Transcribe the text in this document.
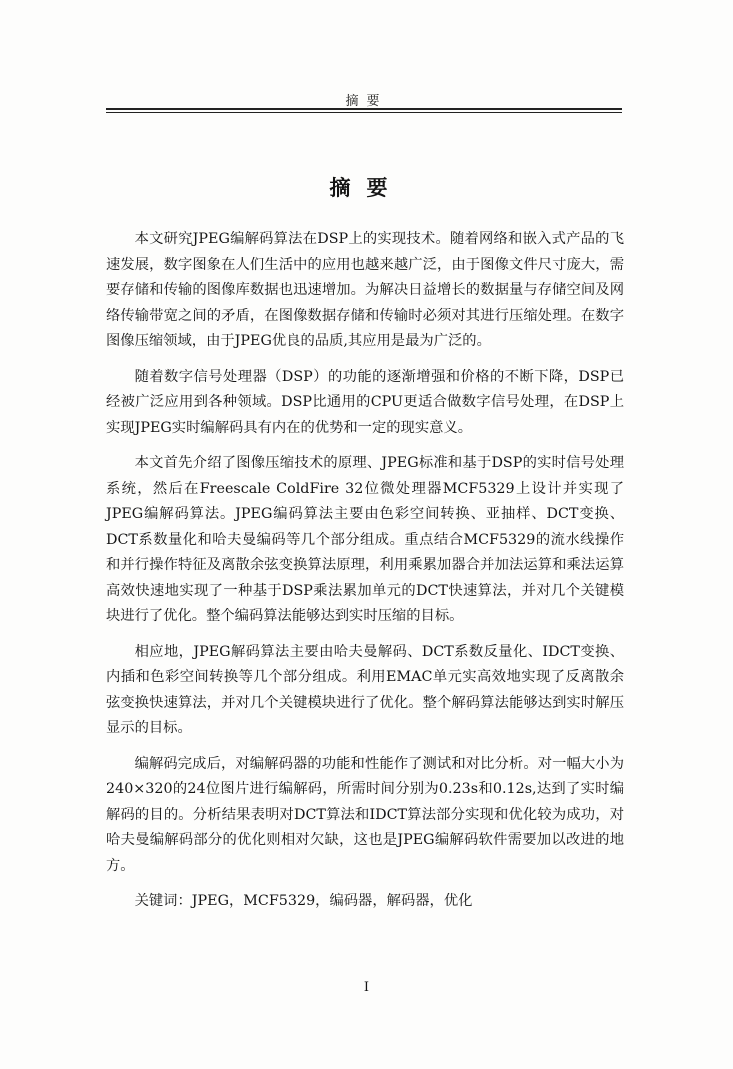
摘要
摘要

本文研究JPEG编解码算法在DSP上的实现技术。随着网络和嵌入式产品的飞速发展，数字图象在人们生活中的应用也越来越广泛，由于图像文件尺寸庞大，需要存储和传输的图像库数据也迅速增加。为解决日益增长的数据量与存储空间及网络传输带宽之间的矛盾，在图像数据存储和传输时必须对其进行压缩处理。在数字图像压缩领域，由于JPEG优良的品质,其应用是最为广泛的。

随着数字信号处理器（DSP）的功能的逐渐增强和价格的不断下降，DSP已经被广泛应用到各种领域。DSP比通用的CPU更适合做数字信号处理，在DSP上实现JPEG实时编解码具有内在的优势和一定的现实意义。

本文首先介绍了图像压缩技术的原理、JPEG标准和基于DSP的实时信号处理系统，然后在Freescale ColdFire 32位微处理器MCF5329上设计并实现了JPEG编解码算法。JPEG编码算法主要由色彩空间转换、亚抽样、DCT变换、DCT系数量化和哈夫曼编码等几个部分组成。重点结合MCF5329的流水线操作和并行操作特征及离散余弦变换算法原理，利用乘累加器合并加法运算和乘法运算高效快速地实现了一种基于DSP乘法累加单元的DCT快速算法，并对几个关键模块进行了优化。整个编码算法能够达到实时压缩的目标。

相应地，JPEG解码算法主要由哈夫曼解码、DCT系数反量化、IDCT变换、内插和色彩空间转换等几个部分组成。利用EMAC单元实高效地实现了反离散余弦变换快速算法，并对几个关键模块进行了优化。整个解码算法能够达到实时解压显示的目标。

编解码完成后，对编解码器的功能和性能作了测试和对比分析。对一幅大小为240×320的24位图片进行编解码，所需时间分别为0.23s和0.12s,达到了实时编解码的目的。分析结果表明对DCT算法和IDCT算法部分实现和优化较为成功，对哈夫曼编解码部分的优化则相对欠缺，这也是JPEG编解码软件需要加以改进的地方。

关键词：JPEG，MCF5329，编码器，解码器，优化

I
